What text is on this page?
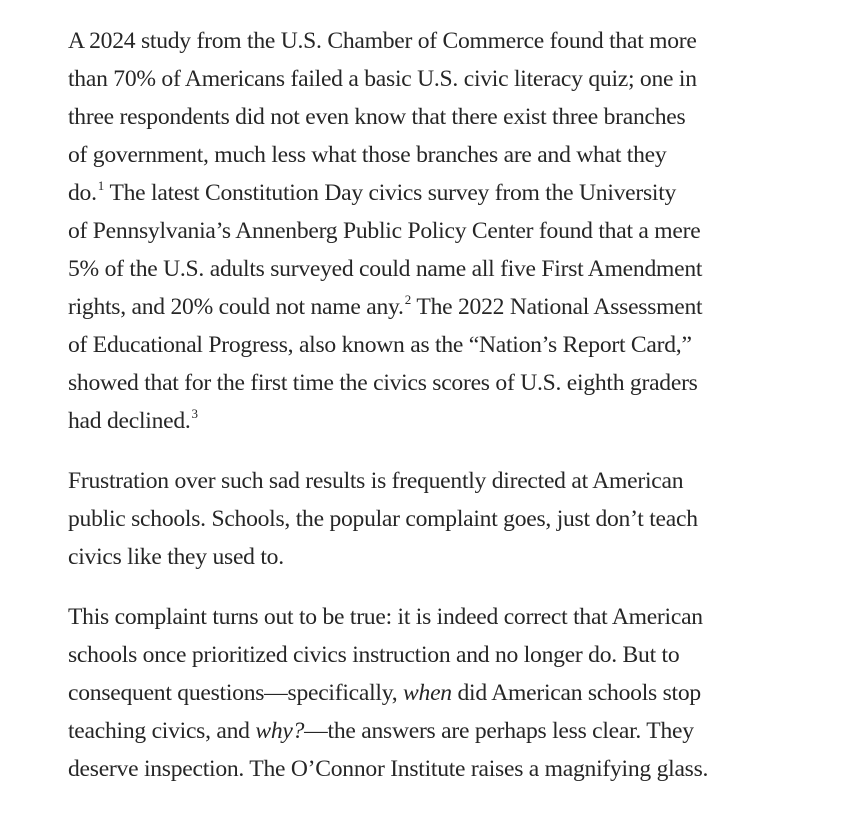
A 2024 study from the U.S. Chamber of Commerce found that more
than 70% of Americans failed a basic U.S. civic literacy quiz; one in
three respondents did not even know that there exist three branches
of government, much less what those branches are and what they
do.$^1$ The latest Constitution Day civics survey from the University
of Pennsylvania’s Annenberg Public Policy Center found that a mere
5% of the U.S. adults surveyed could name all five First Amendment
rights, and 20% could not name any.$^2$ The 2022 National Assessment
of Educational Progress, also known as the “Nation’s Report Card,”
showed that for the first time the civics scores of U.S. eighth graders
had declined.$^3$

Frustration over such sad results is frequently directed at American
public schools. Schools, the popular complaint goes, just don’t teach
civics like they used to.

This complaint turns out to be true: it is indeed correct that American
schools once prioritized civics instruction and no longer do. But to
consequent questions—specifically, when did American schools stop
teaching civics, and why?—the answers are perhaps less clear. They
deserve inspection. The O’Connor Institute raises a magnifying glass.
